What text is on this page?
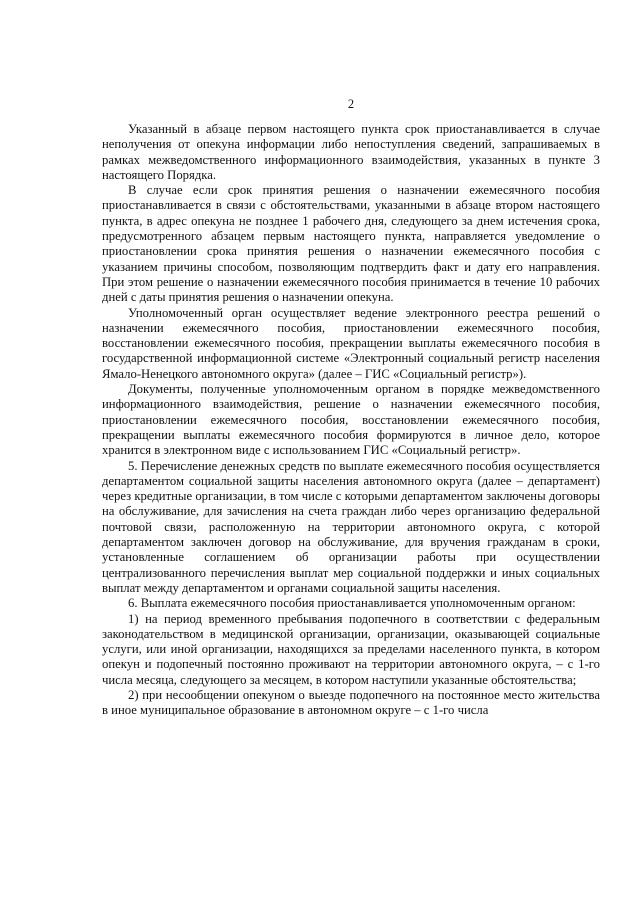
2

Указанный в абзаце первом настоящего пункта срок приостанавливается в случае неполучения от опекуна информации либо непоступления сведений, запрашиваемых в рамках межведомственного информационного взаимодействия, указанных в пункте 3 настоящего Порядка.

В случае если срок принятия решения о назначении ежемесячного пособия приостанавливается в связи с обстоятельствами, указанными в абзаце втором настоящего пункта, в адрес опекуна не позднее 1 рабочего дня, следующего за днем истечения срока, предусмотренного абзацем первым настоящего пункта, направляется уведомление о приостановлении срока принятия решения о назначении ежемесячного пособия с указанием причины способом, позволяющим подтвердить факт и дату его направления. При этом решение о назначении ежемесячного пособия принимается в течение 10 рабочих дней с даты принятия решения о назначении опекуна.

Уполномоченный орган осуществляет ведение электронного реестра решений о назначении ежемесячного пособия, приостановлении ежемесячного пособия, восстановлении ежемесячного пособия, прекращении выплаты ежемесячного пособия в государственной информационной системе «Электронный социальный регистр населения Ямало-Ненецкого автономного округа» (далее – ГИС «Социальный регистр»).

Документы, полученные уполномоченным органом в порядке межведомственного информационного взаимодействия, решение о назначении ежемесячного пособия, приостановлении ежемесячного пособия, восстановлении ежемесячного пособия, прекращении выплаты ежемесячного пособия формируются в личное дело, которое хранится в электронном виде с использованием ГИС «Социальный регистр».

5. Перечисление денежных средств по выплате ежемесячного пособия осуществляется департаментом социальной защиты населения автономного округа (далее – департамент) через кредитные организации, в том числе с которыми департаментом заключены договоры на обслуживание, для зачисления на счета граждан либо через организацию федеральной почтовой связи, расположенную на территории автономного округа, с которой департаментом заключен договор на обслуживание, для вручения гражданам в сроки, установленные соглашением об организации работы при осуществлении централизованного перечисления выплат мер социальной поддержки и иных социальных выплат между департаментом и органами социальной защиты населения.

6. Выплата ежемесячного пособия приостанавливается уполномоченным органом:

1) на период временного пребывания подопечного в соответствии с федеральным законодательством в медицинской организации, организации, оказывающей социальные услуги, или иной организации, находящихся за пределами населенного пункта, в котором опекун и подопечный постоянно проживают на территории автономного округа, – с 1-го числа месяца, следующего за месяцем, в котором наступили указанные обстоятельства;

2) при несообщении опекуном о выезде подопечного на постоянное место жительства в иное муниципальное образование в автономном округе – с 1-го числа
